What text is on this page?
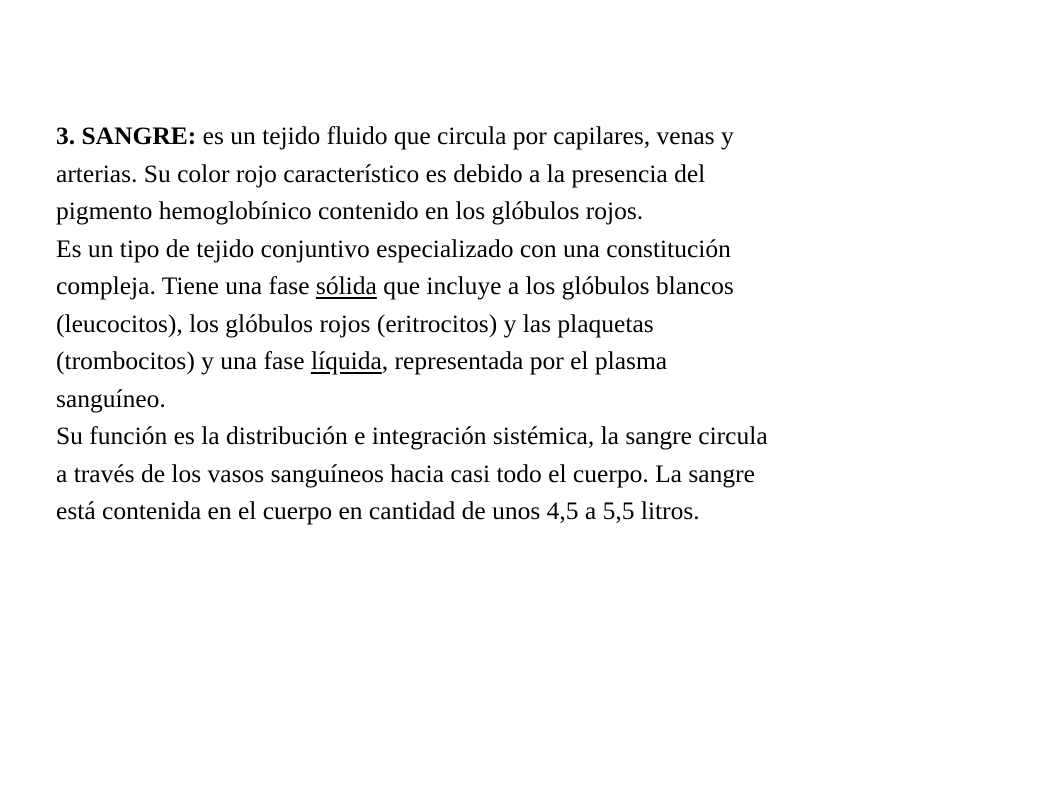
3. SANGRE: es un tejido fluido que circula por capilares, venas y
arterias. Su color rojo característico es debido a la presencia del
pigmento hemoglobínico contenido en los glóbulos rojos.
Es un tipo de tejido conjuntivo especializado con una constitución
compleja. Tiene una fase sólida que incluye a los glóbulos blancos
(leucocitos), los glóbulos rojos (eritrocitos) y las plaquetas
(trombocitos) y una fase líquida, representada por el plasma
sanguíneo.
Su función es la distribución e integración sistémica, la sangre circula
a través de los vasos sanguíneos hacia casi todo el cuerpo. La sangre
está contenida en el cuerpo en cantidad de unos 4,5 a 5,5 litros.
